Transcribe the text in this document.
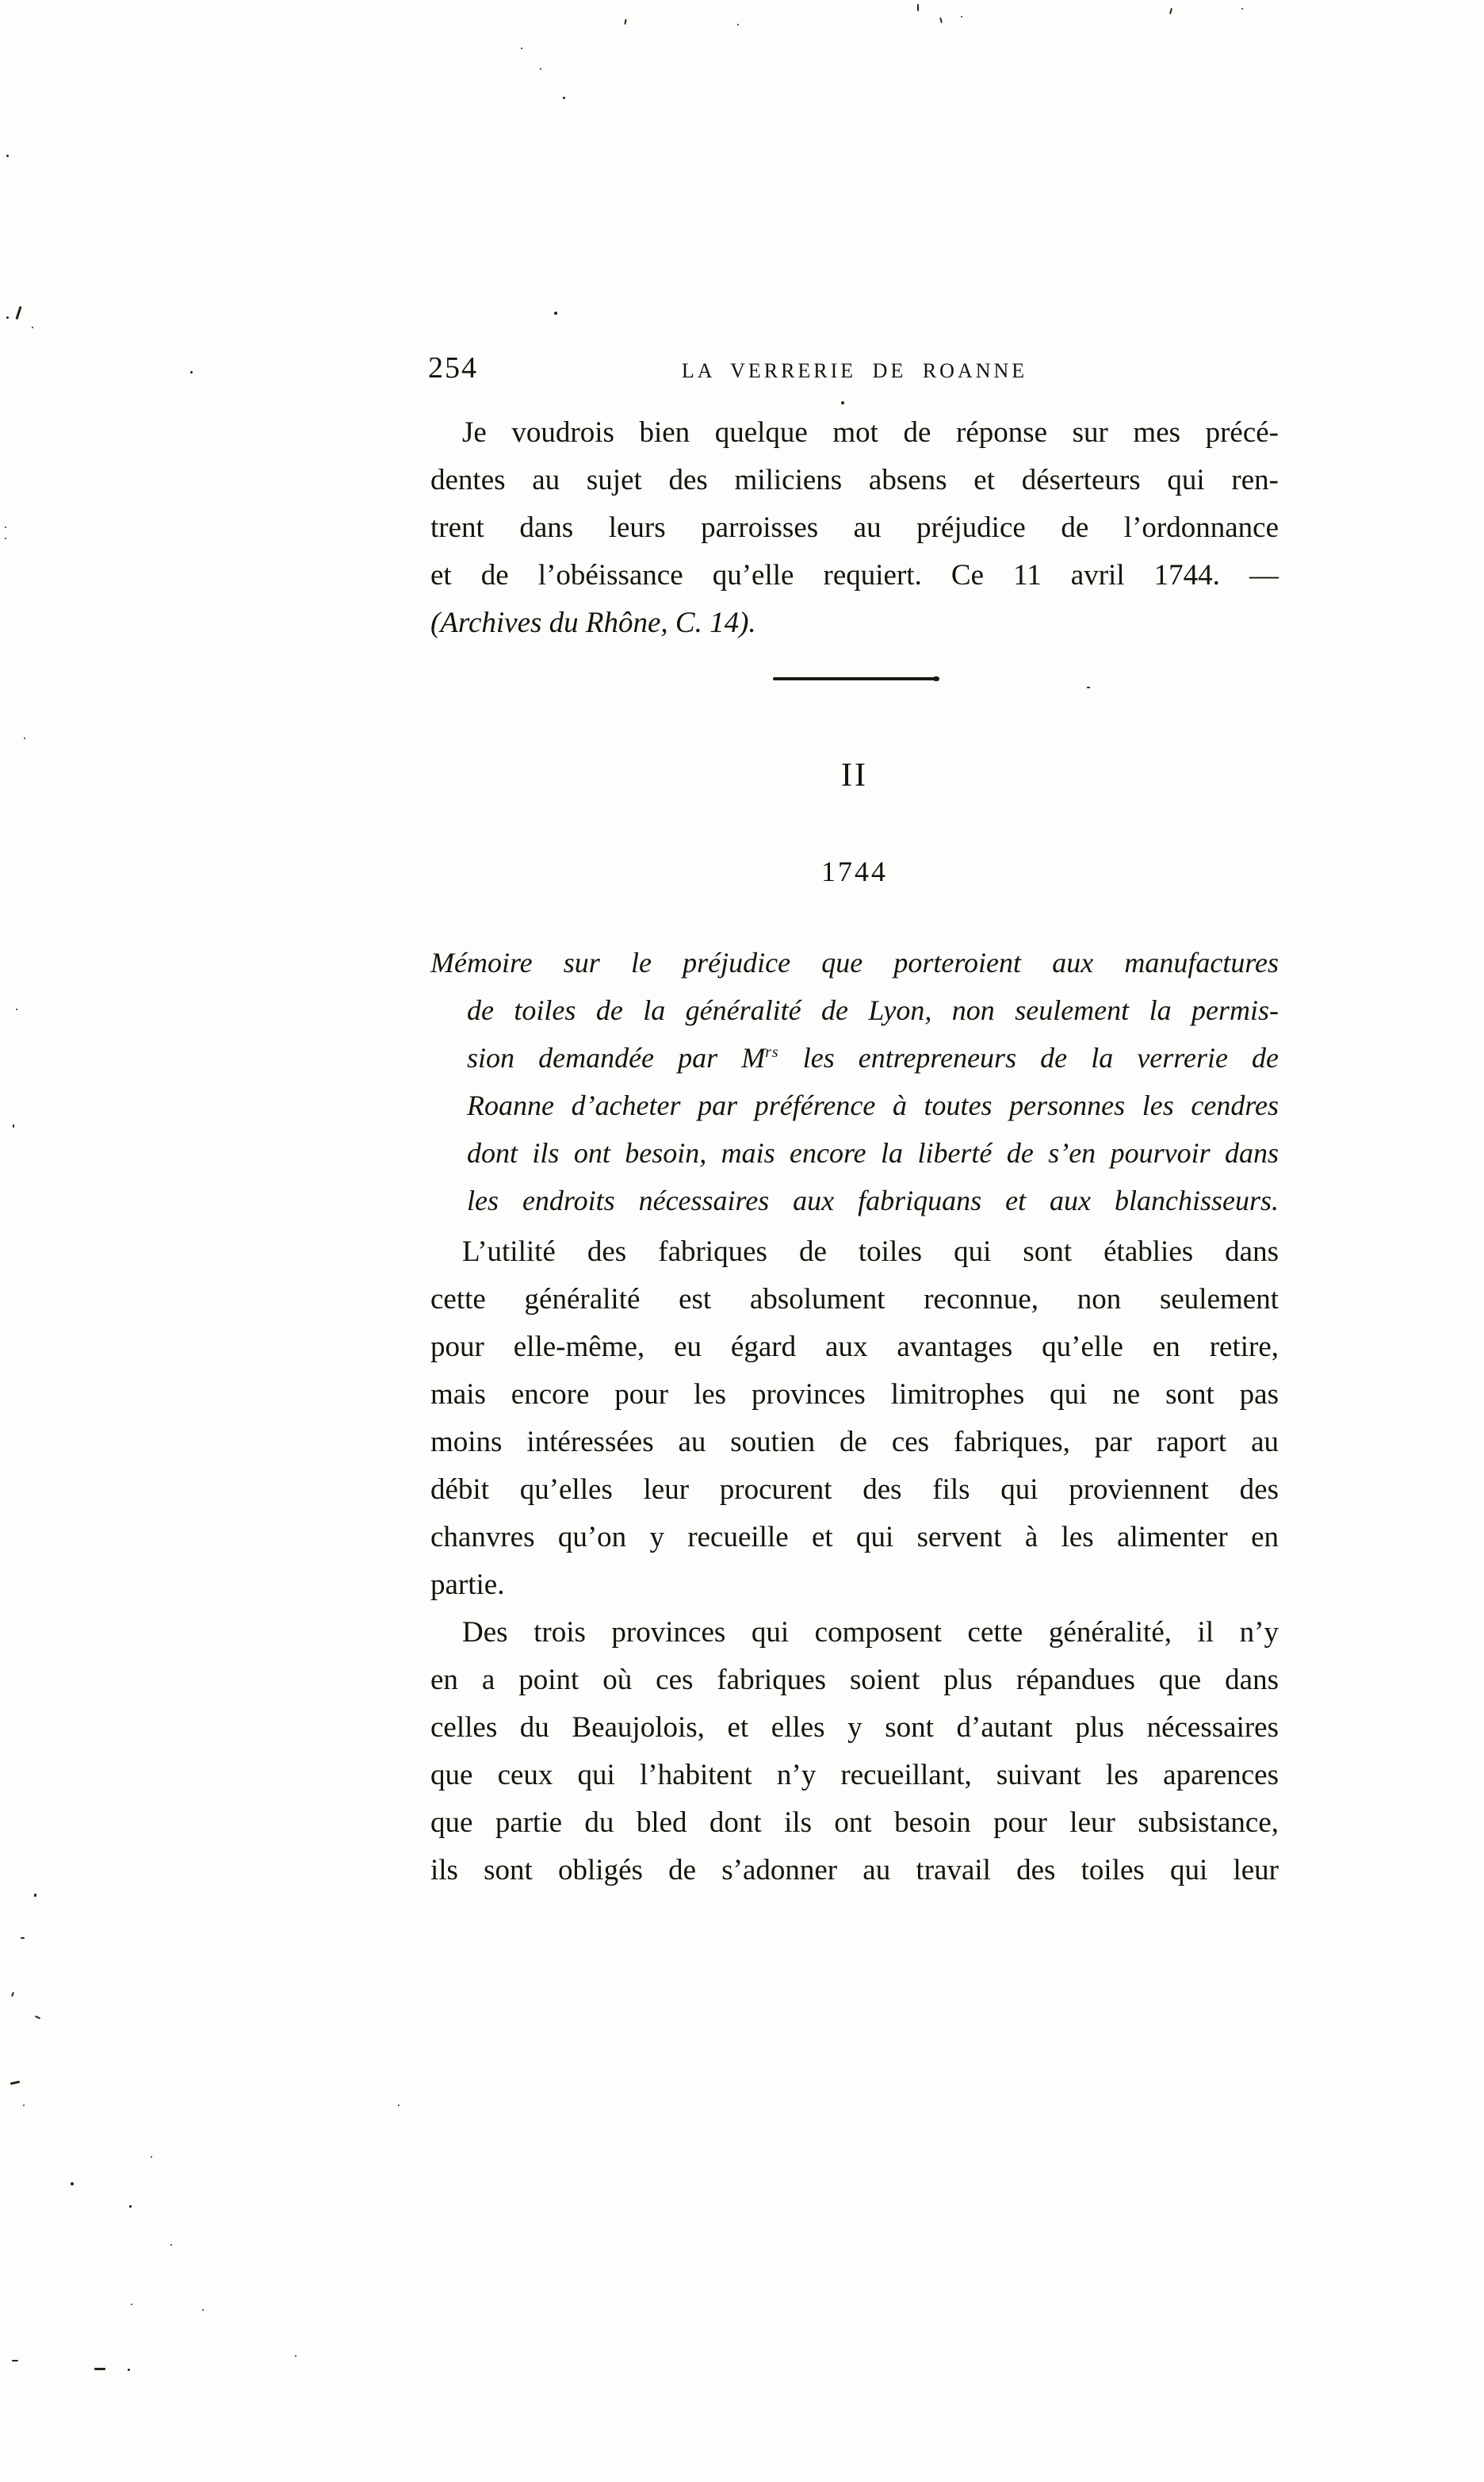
254	LA VERRERIE DE ROANNE
Je voudrois bien quelque mot de réponse sur mes précé-
dentes au sujet des miliciens absens et déserteurs qui ren-
trent dans leurs parroisses au préjudice de l’ordonnance
et de l’obéissance qu’elle requiert. Ce 11 avril 1744. —
(Archives du Rhône, C. 14).
II
1744
Mémoire sur le préjudice que porteroient aux manufactures
de toiles de la généralité de Lyon, non seulement la permis-
sion demandée par $M^{rs}$ les entrepreneurs de la verrerie de
Roanne d’acheter par préférence à toutes personnes les cendres
dont ils ont besoin, mais encore la liberté de s’en pourvoir dans
les endroits nécessaires aux fabriquans et aux blanchisseurs.
L’utilité des fabriques de toiles qui sont établies dans
cette généralité est absolument reconnue, non seulement
pour elle-même, eu égard aux avantages qu’elle en retire,
mais encore pour les provinces limitrophes qui ne sont pas
moins intéressées au soutien de ces fabriques, par raport au
débit qu’elles leur procurent des fils qui proviennent des
chanvres qu’on y recueille et qui servent à les alimenter en
partie.
Des trois provinces qui composent cette généralité, il n’y
en a point où ces fabriques soient plus répandues que dans
celles du Beaujolois, et elles y sont d’autant plus nécessaires
que ceux qui l’habitent n’y recueillant, suivant les aparences
que partie du bled dont ils ont besoin pour leur subsistance,
ils sont obligés de s’adonner au travail des toiles qui leur
